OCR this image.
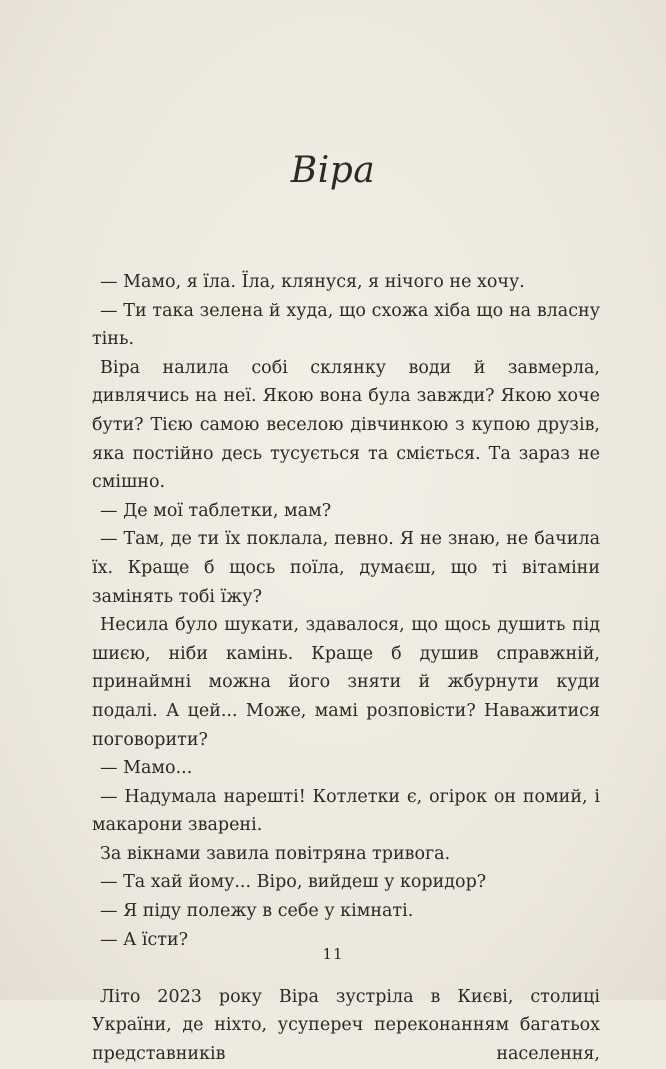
Віра

— Мамо, я їла. Їла, клянуся, я нічого не хочу.

— Ти така зелена й худа, що схожа хіба що на власну тінь.

Віра налила собі склянку води й завмерла, дивлячись на неї. Якою вона була завжди? Якою хоче бути? Тією самою веселою дівчинкою з купою друзів, яка постійно десь тусується та сміється. Та зараз не смішно.

— Де мої таблетки, мам?

— Там, де ти їх поклала, певно. Я не знаю, не бачила їх. Краще б щось поїла, думаєш, що ті вітаміни замінять тобі їжу?

Несила було шукати, здавалося, що щось душить під шиєю, ніби камінь. Краще б душив справжній, принаймні можна його зняти й жбурнути куди подалі. А цей... Може, мамі розповісти? Наважитися поговорити?

— Мамо...

— Надумала нарешті! Котлетки є, огірок он помий, і макарони зварені.

За вікнами завила повітряна тривога.

— Та хай йому... Віро, вийдеш у коридор?

— Я піду полежу в себе у кімнаті.

— А їсти?

Літо 2023 року Віра зустріла в Києві, столиці України, де ніхто, усупереч переконанням багатьох представників населення,

11
